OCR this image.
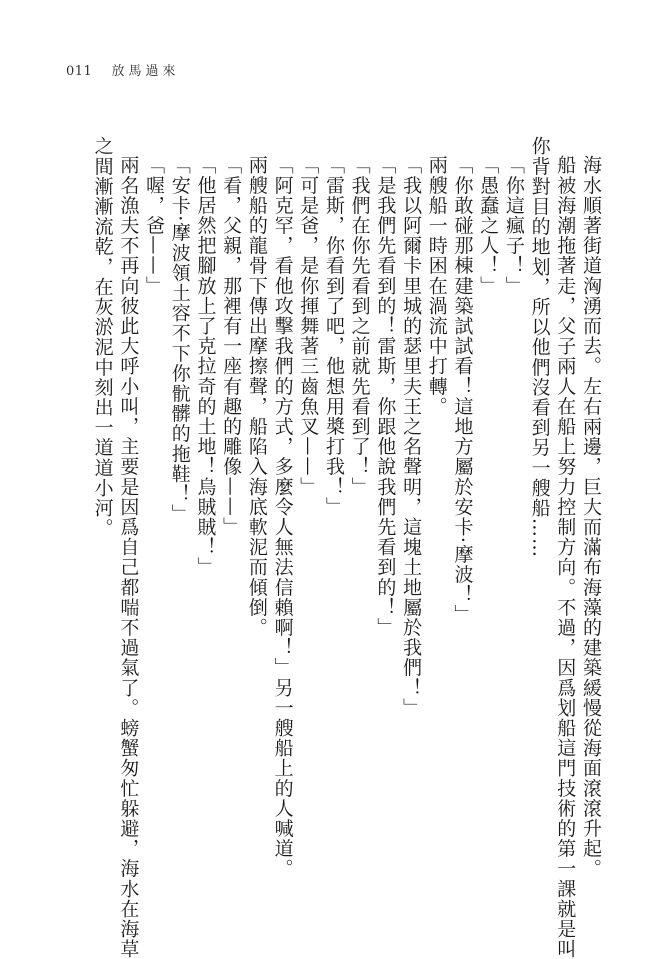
011 放馬過來

海水順著街道洶湧而去。左右兩邊，巨大而滿布海藻的建築緩慢從海面滾滾升起。

船被海潮拖著走，父子兩人在船上努力控制方向。不過，因爲划船這門技術的第一課就是叫

你背對目的地划，所以他們沒看到另一艘船……

「你這瘋子！」

「愚蠢之人！」

「你敢碰那棟建築試試看！這地方屬於安卡·摩波！」

兩艘船一時困在渦流中打轉。

「我以阿爾卡里城的瑟里夫王之名聲明，這塊土地屬於我們！」

「是我們先看到的！雷斯，你跟他說我們先看到的！」

「我們在你先看到之前就先看到了！」

「雷斯，你看到了吧，他想用槳打我！」

「可是爸，是你揮舞著三齒魚叉——」

「阿克罕，看他攻擊我們的方式，多麼令人無法信賴啊！」另一艘船上的人喊道。

兩艘船的龍骨下傳出摩擦聲，船陷入海底軟泥而傾倒。

「看，父親，那裡有一座有趣的雕像——」

「他居然把腳放上了克拉奇的土地！烏賊賊！」

「安卡·摩波領土容不下你骯髒的拖鞋！」

「喔，爸——」

兩名漁夫不再向彼此大呼小叫，主要是因爲自己都喘不過氣了。螃蟹匆忙躲避，海水在海草

之間漸漸流乾，在灰淤泥中刻出一道道小河。
